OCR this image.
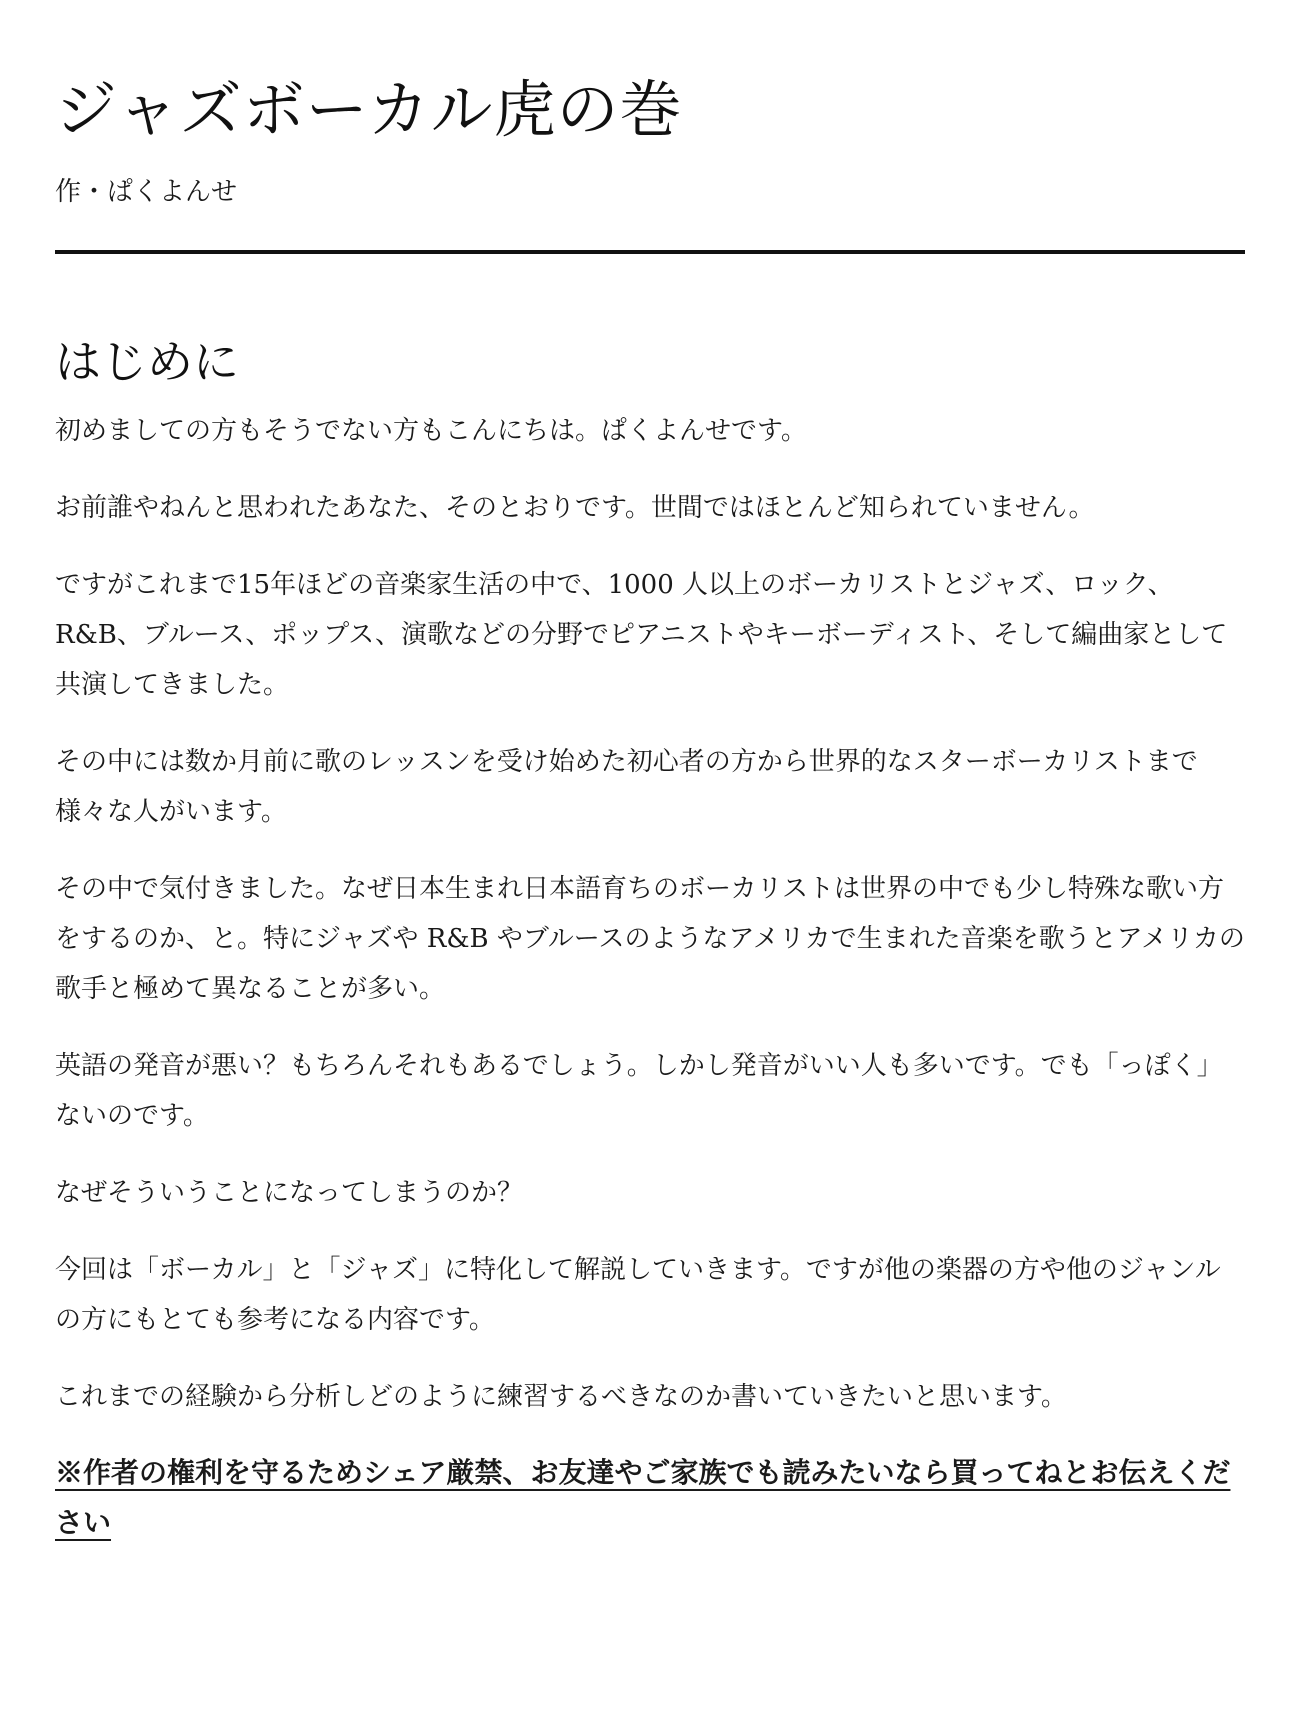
ジャズボーカル虎の巻
作・ぱくよんせ
はじめに

初めましての方もそうでない方もこんにちは。ぱくよんせです。

お前誰やねんと思われたあなた、そのとおりです。世間ではほとんど知られていません。

ですがこれまで15年ほどの音楽家生活の中で、1000 人以上のボーカリストとジャズ、ロック、R&B、ブルース、ポップス、演歌などの分野でピアニストやキーボーディスト、そして編曲家として共演してきました。

その中には数か月前に歌のレッスンを受け始めた初心者の方から世界的なスターボーカリストまで様々な人がいます。

その中で気付きました。なぜ日本生まれ日本語育ちのボーカリストは世界の中でも少し特殊な歌い方をするのか、と。特にジャズや R&B やブルースのようなアメリカで生まれた音楽を歌うとアメリカの歌手と極めて異なることが多い。

英語の発音が悪い？もちろんそれもあるでしょう。しかし発音がいい人も多いです。でも「っぽく」ないのです。

なぜそういうことになってしまうのか？

今回は「ボーカル」と「ジャズ」に特化して解説していきます。ですが他の楽器の方や他のジャンルの方にもとても参考になる内容です。

これまでの経験から分析しどのように練習するべきなのか書いていきたいと思います。

※作者の権利を守るためシェア厳禁、お友達やご家族でも読みたいなら買ってねとお伝えください
